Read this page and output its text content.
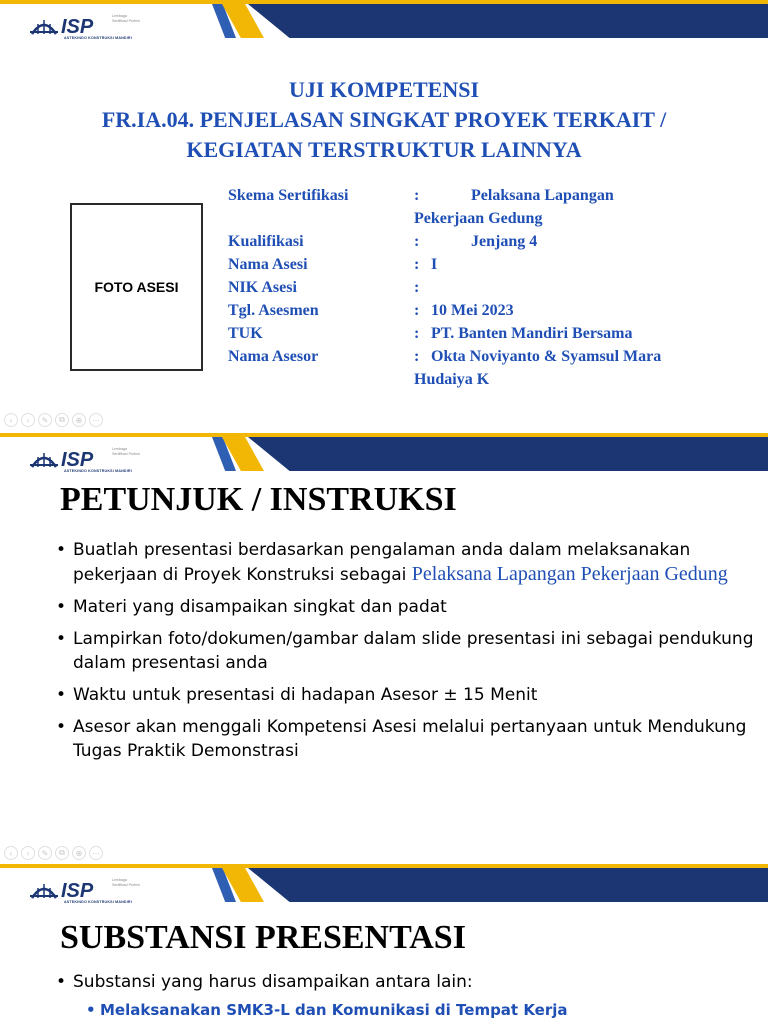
ISP
ASTEKINDO KONSTRUKSI MANDIRI
Lembaga Sertifikasi Profesi
UJI KOMPETENSI
FR.IA.04. PENJELASAN SINGKAT PROYEK TERKAIT /
KEGIATAN TERSTRUKTUR LAINNYA
FOTO ASESI
Skema Sertifikasi	:	Pelaksana Lapangan
Pekerjaan Gedung
Kualifikasi	:	Jenjang 4
Nama Asesi	: I
NIK Asesi	:
Tgl. Asesmen	: 10 Mei 2023
TUK	: PT. Banten Mandiri Bersama
Nama Asesor	: Okta Noviyanto & Syamsul Mara
Hudaiya K
‹	›	✎	⧉	⊕	⋯
ISP
ASTEKINDO KONSTRUKSI MANDIRI
Lembaga Sertifikasi Profesi
PETUNJUK / INSTRUKSI
• Buatlah presentasi berdasarkan pengalaman anda dalam melaksanakan pekerjaan di Proyek Konstruksi sebagai Pelaksana Lapangan Pekerjaan Gedung
• Materi yang disampaikan singkat dan padat
• Lampirkan foto/dokumen/gambar dalam slide presentasi ini sebagai pendukung dalam presentasi anda
• Waktu untuk presentasi di hadapan Asesor ± 15 Menit
• Asesor akan menggali Kompetensi Asesi melalui pertanyaan untuk Mendukung Tugas Praktik Demonstrasi
‹	›	✎	⧉	⊕	⋯
ISP
ASTEKINDO KONSTRUKSI MANDIRI
Lembaga Sertifikasi Profesi
SUBSTANSI PRESENTASI
• Substansi yang harus disampaikan antara lain:
• Melaksanakan SMK3-L dan Komunikasi di Tempat Kerja
